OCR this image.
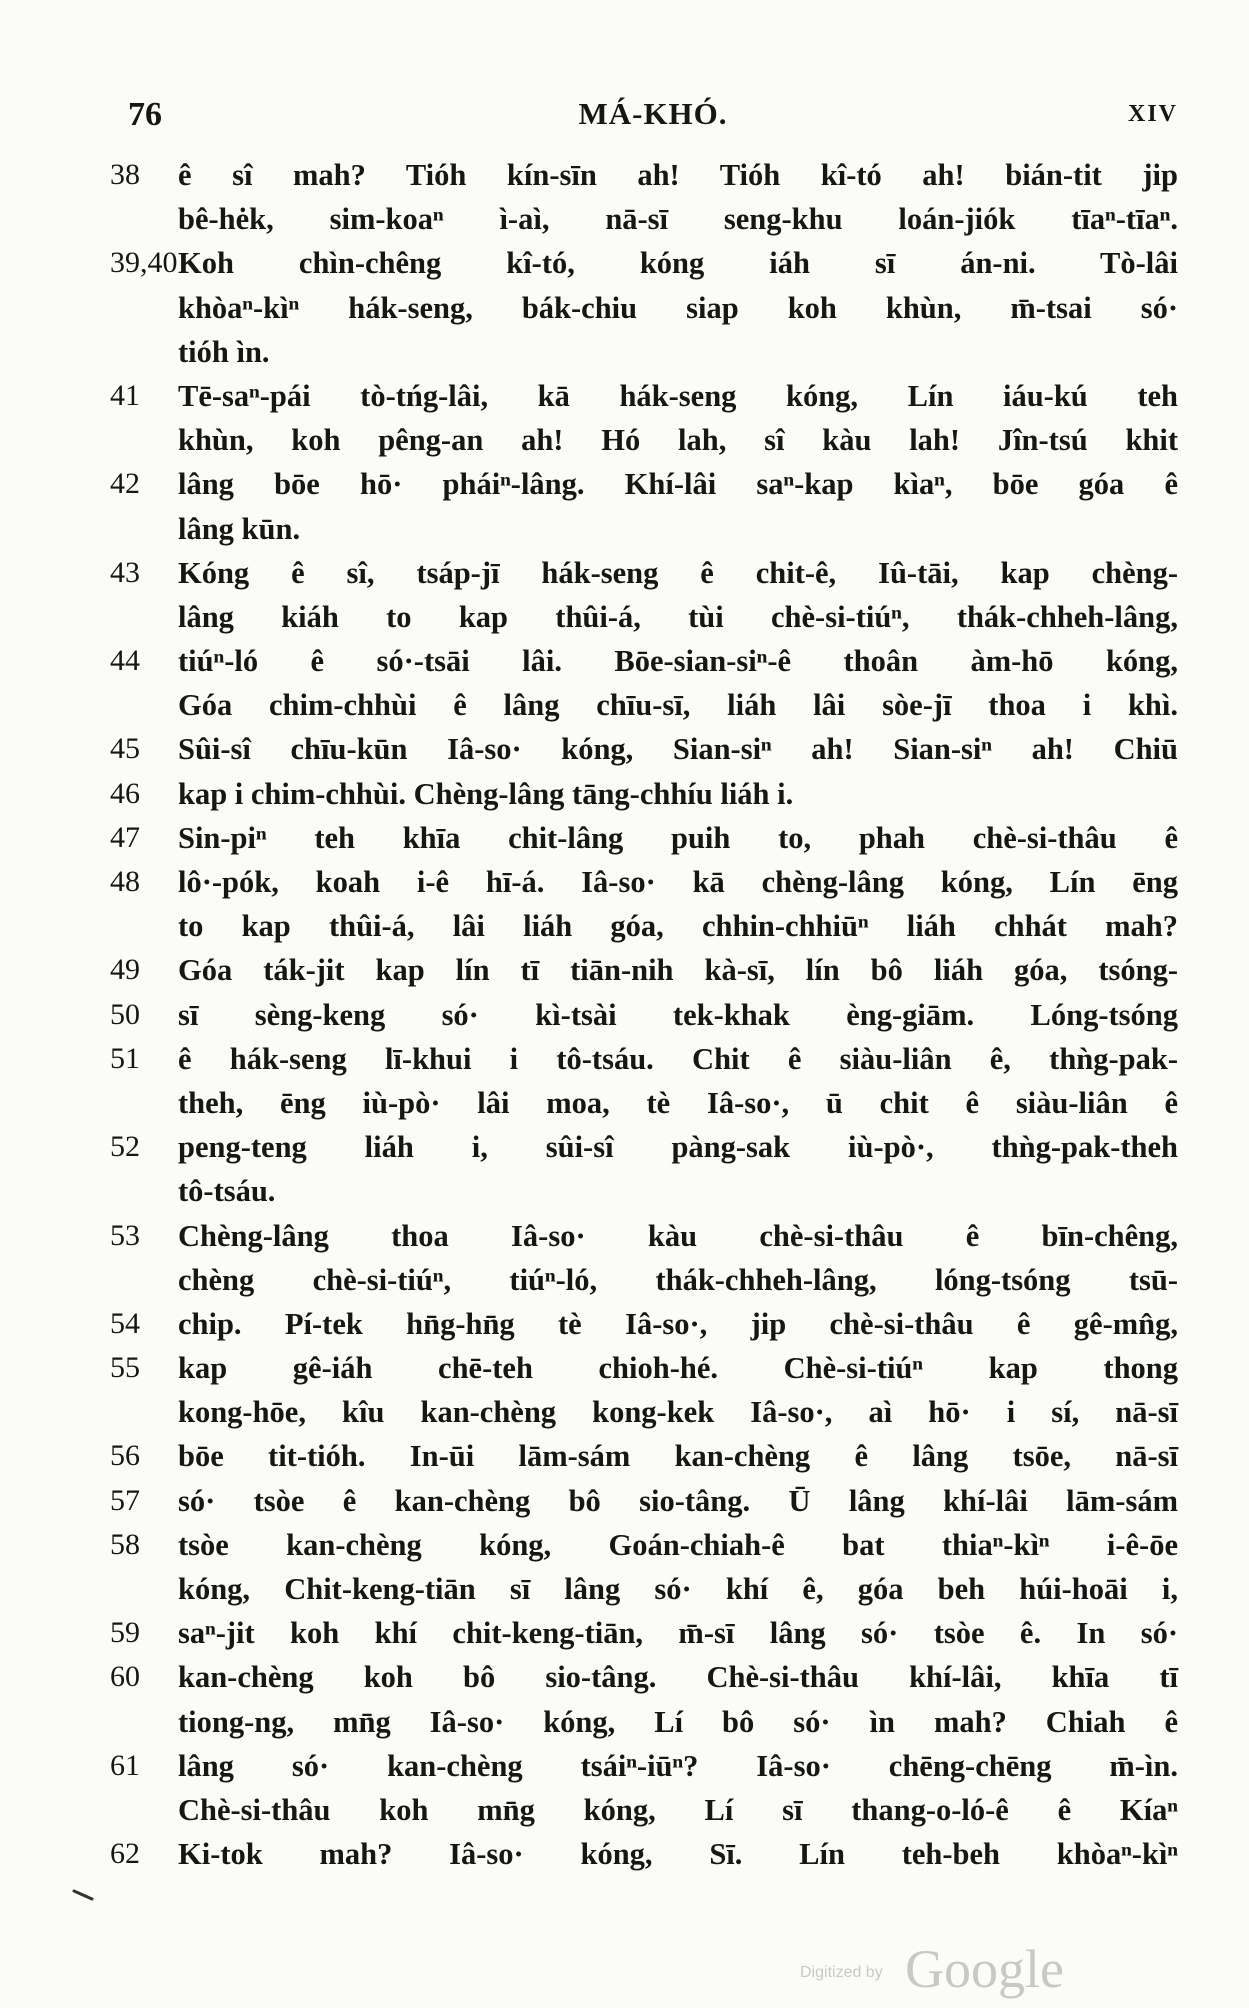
76	MÁ-KHÓ.	XIV
38	ê sî mah? Tióh kín-sīn ah! Tióh kî-tó ah! bián-tit jip
bê-hėk, sim-koaⁿ ì-aì, nā-sī seng-khu loán-jiók tīaⁿ-tīaⁿ.
39,40 Koh chìn-chêng kî-tó, kóng iáh sī án-ni. Tò-lâi
khòaⁿ-kìⁿ hák-seng, bák-chiu siap koh khùn, m̄-tsai só·
tióh ìn.
41	Tē-saⁿ-pái tò-tńg-lâi, kā hák-seng kóng, Lín iáu-kú teh
khùn, koh pêng-an ah! Hó lah, sî kàu lah! Jîn-tsú khit
42	lâng bōe hō· pháiⁿ-lâng. Khí-lâi saⁿ-kap kìaⁿ, bōe góa ê
lâng kūn.
43	Kóng ê sî, tsáp-jī hák-seng ê chit-ê, Iû-tāi, kap chèng-
lâng kiáh to kap thûi-á, tùi chè-si-tiúⁿ, thák-chheh-lâng,
44	tiúⁿ-ló ê só·-tsāi lâi. Bōe-sian-siⁿ-ê thoân àm-hō kóng,
Góa chim-chhùi ê lâng chīu-sī, liáh lâi sòe-jī thoa i khì.
45	Sûi-sî chīu-kūn Iâ-so· kóng, Sian-siⁿ ah! Sian-siⁿ ah! Chiū
46	kap i chim-chhùi. Chèng-lâng tāng-chhíu liáh i.
47	Sin-piⁿ teh khīa chit-lâng puih to, phah chè-si-thâu ê
48	lô·-pók, koah i-ê hī-á. Iâ-so· kā chèng-lâng kóng, Lín ēng
to kap thûi-á, lâi liáh góa, chhin-chhiūⁿ liáh chhát mah?
49	Góa ták-jit kap lín tī tiān-nih kà-sī, lín bô liáh góa, tsóng-
50	sī sèng-keng só· kì-tsài tek-khak èng-giām. Lóng-tsóng
51	ê hák-seng lī-khui i tô-tsáu. Chit ê siàu-liân ê, thǹg-pak-
theh, ēng iù-pò· lâi moa, tè Iâ-so·, ū chit ê siàu-liân ê
52	peng-teng liáh i, sûi-sî pàng-sak iù-pò·, thǹg-pak-theh
tô-tsáu.
53	Chèng-lâng thoa Iâ-so· kàu chè-si-thâu ê bīn-chêng,
chèng chè-si-tiúⁿ, tiúⁿ-ló, thák-chheh-lâng, lóng-tsóng tsū-
54	chip. Pí-tek hn̄g-hn̄g tè Iâ-so·, jip chè-si-thâu ê gê-mn̂g,
55	kap gê-iáh chē-teh chioh-hé. Chè-si-tiúⁿ kap thong
kong-hōe, kîu kan-chèng kong-kek Iâ-so·, aì hō· i sí, nā-sī
56	bōe tit-tióh. In-ūi lām-sám kan-chèng ê lâng tsōe, nā-sī
57	só· tsòe ê kan-chèng bô sio-tâng. Ū lâng khí-lâi lām-sám
58	tsòe kan-chèng kóng, Goán-chiah-ê bat thiaⁿ-kìⁿ i-ê-ōe
kóng, Chit-keng-tiān sī lâng só· khí ê, góa beh húi-hoāi i,
59	saⁿ-jit koh khí chit-keng-tiān, m̄-sī lâng só· tsòe ê. In só·
60	kan-chèng koh bô sio-tâng. Chè-si-thâu khí-lâi, khīa tī
tiong-ng, mn̄g Iâ-so· kóng, Lí bô só· ìn mah? Chiah ê
61	lâng só· kan-chèng tsáiⁿ-iūⁿ? Iâ-so· chēng-chēng m̄-ìn.
Chè-si-thâu koh mn̄g kóng, Lí sī thang-o-ló-ê ê Kíaⁿ
62	Ki-tok mah? Iâ-so· kóng, Sī. Lín teh-beh khòaⁿ-kìⁿ
Digitized by Google
